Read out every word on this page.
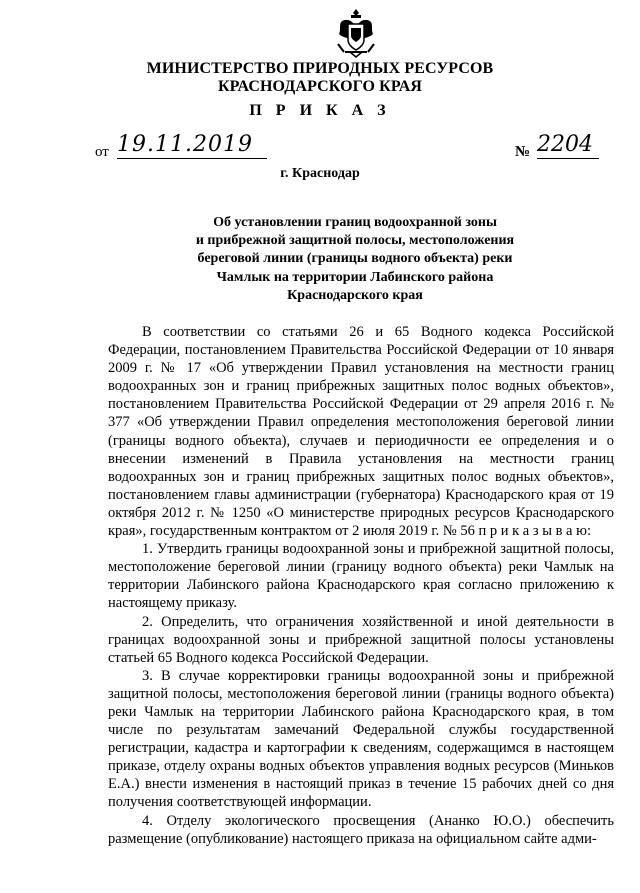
МИНИСТЕРСТВО ПРИРОДНЫХ РЕСУРСОВ
КРАСНОДАРСКОГО КРАЯ
П Р И К А З
от 19.11.2019	№ 2204
г. Краснодар
Об установлении границ водоохранной зоны
и прибрежной защитной полосы, местоположения
береговой линии (границы водного объекта) реки
Чамлык на территории Лабинского района
Краснодарского края

В соответствии со статьями 26 и 65 Водного кодекса Российской Федерации, постановлением Правительства Российской Федерации от 10 января 2009 г. № 17 «Об утверждении Правил установления на местности границ водоохранных зон и границ прибрежных защитных полос водных объектов», постановлением Правительства Российской Федерации от 29 апреля 2016 г. № 377 «Об утверждении Правил определения местоположения береговой линии (границы водного объекта), случаев и периодичности ее определения и о внесении изменений в Правила установления на местности границ водоохранных зон и границ прибрежных защитных полос водных объектов», постановлением главы администрации (губернатора) Краснодарского края от 19 октября 2012 г. № 1250 «О министерстве природных ресурсов Краснодарского края», государственным контрактом от 2 июля 2019 г. № 56 п р и к а з ы в а ю:

1. Утвердить границы водоохранной зоны и прибрежной защитной полосы, местоположение береговой линии (границу водного объекта) реки Чамлык на территории Лабинского района Краснодарского края согласно приложению к настоящему приказу.

2. Определить, что ограничения хозяйственной и иной деятельности в границах водоохранной зоны и прибрежной защитной полосы установлены статьей 65 Водного кодекса Российской Федерации.

3. В случае корректировки границы водоохранной зоны и прибрежной защитной полосы, местоположения береговой линии (границы водного объекта) реки Чамлык на территории Лабинского района Краснодарского края, в том числе по результатам замечаний Федеральной службы государственной регистрации, кадастра и картографии к сведениям, содержащимся в настоящем приказе, отделу охраны водных объектов управления водных ресурсов (Миньков Е.А.) внести изменения в настоящий приказ в течение 15 рабочих дней со дня получения соответствующей информации.

4. Отделу экологического просвещения (Ананко Ю.О.) обеспечить размещение (опубликование) настоящего приказа на официальном сайте адми-
